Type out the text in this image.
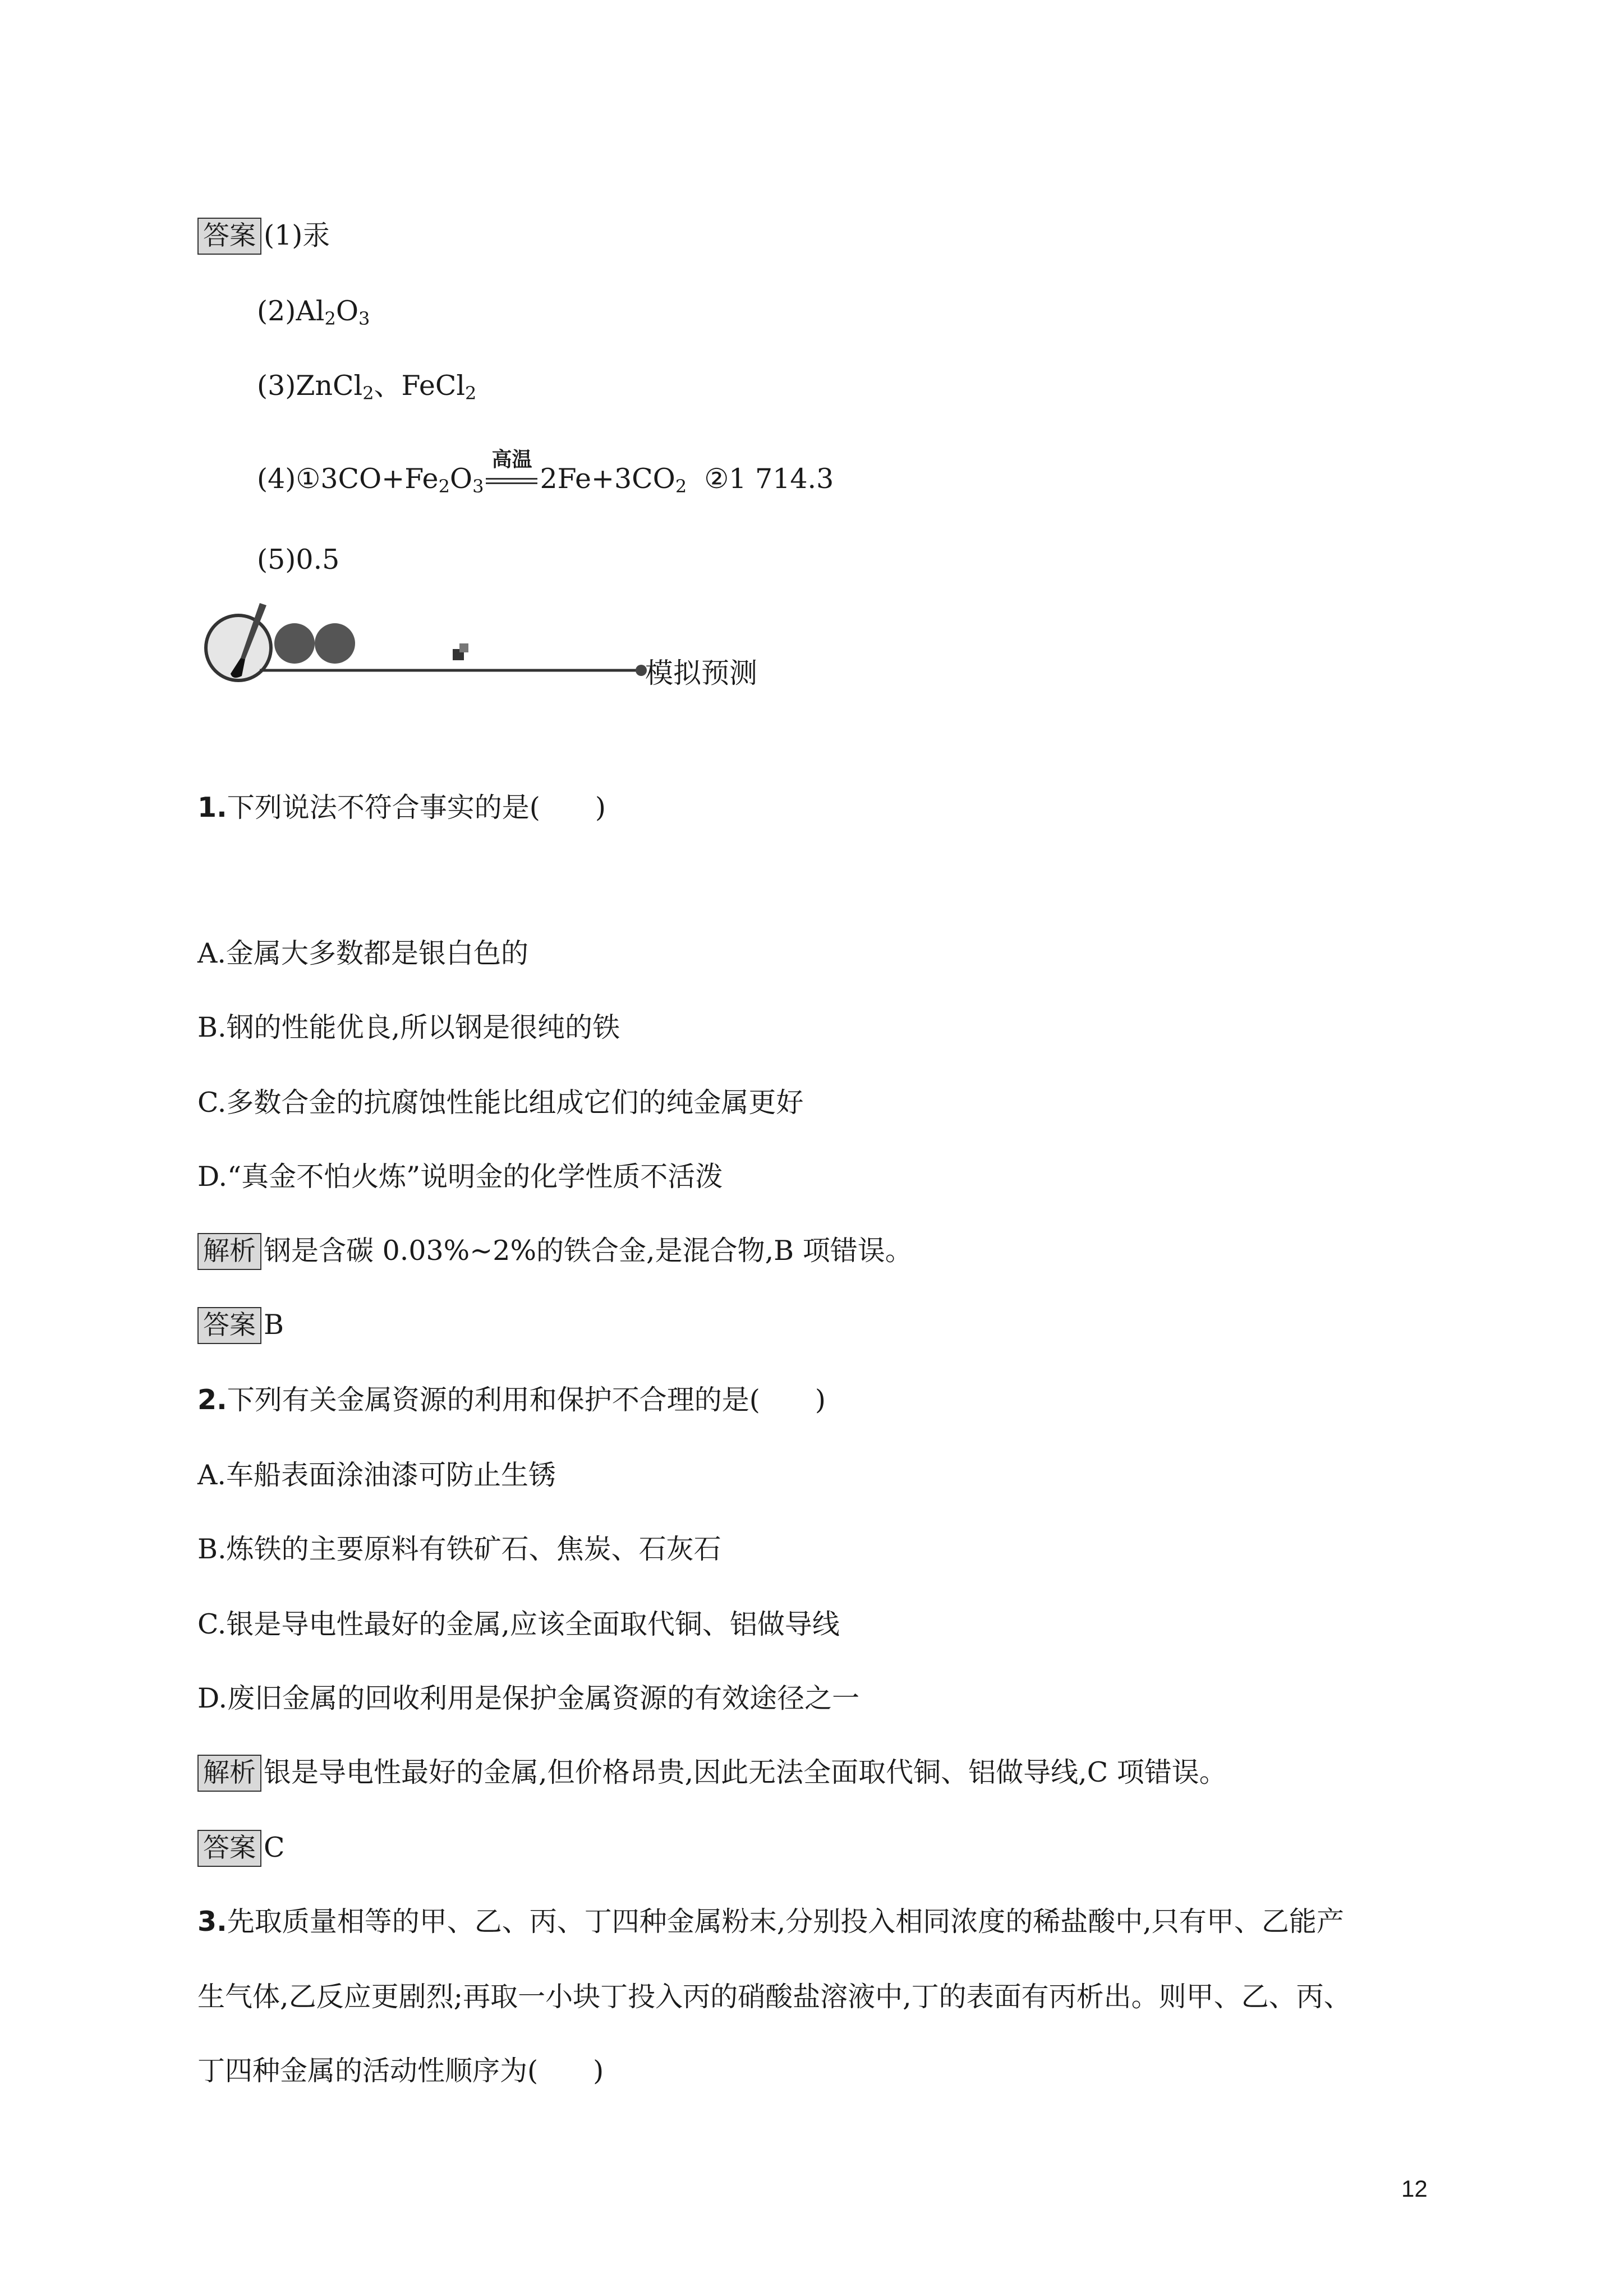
答案 (1)汞
$(2)Al_2O_3$
(3)ZnCl$_2$、FeCl$_2$
$(4)①3CO+Fe_2O_3$
高温
$2Fe+3CO_2$  ②1 714.3
(5)0.5
模拟预测
1.下列说法不符合事实的是(　　)
A.金属大多数都是银白色的
B.钢的性能优良,所以钢是很纯的铁
C.多数合金的抗腐蚀性能比组成它们的纯金属更好
D.“真金不怕火炼”说明金的化学性质不活泼
解析 钢是含碳 0.03%~2%的铁合金,是混合物,B 项错误。
答案 B
2.下列有关金属资源的利用和保护不合理的是(　　)
A.车船表面涂油漆可防止生锈
B.炼铁的主要原料有铁矿石、焦炭、石灰石
C.银是导电性最好的金属,应该全面取代铜、铝做导线
D.废旧金属的回收利用是保护金属资源的有效途径之一
解析 银是导电性最好的金属,但价格昂贵,因此无法全面取代铜、铝做导线,C 项错误。
答案 C
3.先取质量相等的甲、乙、丙、丁四种金属粉末,分别投入相同浓度的稀盐酸中,只有甲、乙能产
生气体,乙反应更剧烈;再取一小块丁投入丙的硝酸盐溶液中,丁的表面有丙析出。则甲、乙、丙、
丁四种金属的活动性顺序为(　　)
12
